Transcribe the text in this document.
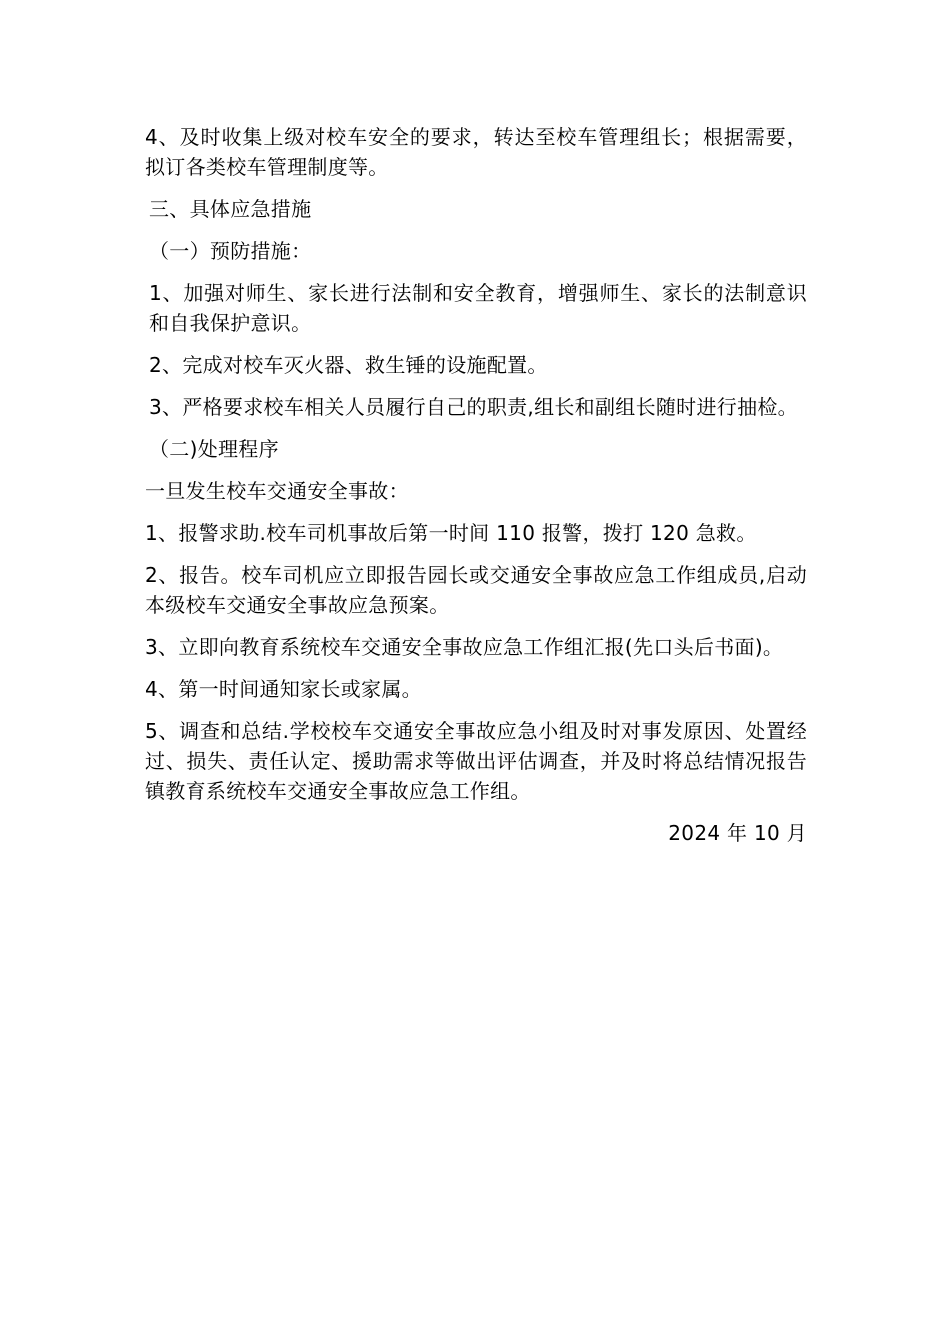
4、及时收集上级对校车安全的要求，转达至校车管理组长；根据需要，拟订各类校车管理制度等。

三、具体应急措施

（一）预防措施：

1、加强对师生、家长进行法制和安全教育，增强师生、家长的法制意识和自我保护意识。

2、完成对校车灭火器、救生锤的设施配置。

3、严格要求校车相关人员履行自己的职责,组长和副组长随时进行抽检。

（二)处理程序

一旦发生校车交通安全事故：

1、报警求助.校车司机事故后第一时间 110 报警，拨打 120 急救。

2、报告。校车司机应立即报告园长或交通安全事故应急工作组成员,启动本级校车交通安全事故应急预案。

3、立即向教育系统校车交通安全事故应急工作组汇报(先口头后书面)。

4、第一时间通知家长或家属。

5、调查和总结.学校校车交通安全事故应急小组及时对事发原因、处置经过、损失、责任认定、援助需求等做出评估调查，并及时将总结情况报告镇教育系统校车交通安全事故应急工作组。

2024 年 10 月
